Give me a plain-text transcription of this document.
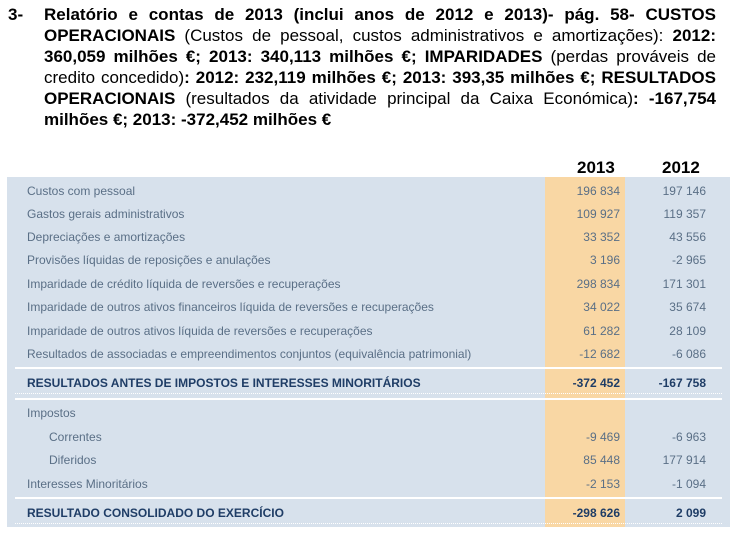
3- Relatório e contas de 2013 (inclui anos de 2012 e 2013)- pág. 58- CUSTOS OPERACIONAIS (Custos de pessoal, custos administrativos e amortizações): 2012: 360,059 milhões €; 2013: 340,113 milhões €; IMPARIDADES (perdas prováveis de credito concedido): 2012: 232,119 milhões €; 2013: 393,35 milhões €; RESULTADOS OPERACIONAIS (resultados da atividade principal da Caixa Económica): -167,754 milhões €; 2013: -372,452 milhões €
2013	2012
Custos com pessoal	196 834	197 146
Gastos gerais administrativos	109 927	119 357
Depreciações e amortizações	33 352	43 556
Provisões líquidas de reposições e anulações	3 196	-2 965
Imparidade de crédito líquida de reversões e recuperações	298 834	171 301
Imparidade de outros ativos financeiros líquida de reversões e recuperações	34 022	35 674
Imparidade de outros ativos líquida de reversões e recuperações	61 282	28 109
Resultados de associadas e empreendimentos conjuntos (equivalência patrimonial)	-12 682	-6 086
RESULTADOS ANTES DE IMPOSTOS E INTERESSES MINORITÁRIOS	-372 452	-167 758
Impostos
Correntes	-9 469	-6 963
Diferidos	85 448	177 914
Interesses Minoritários	-2 153	-1 094
RESULTADO CONSOLIDADO DO EXERCÍCIO	-298 626	2 099
